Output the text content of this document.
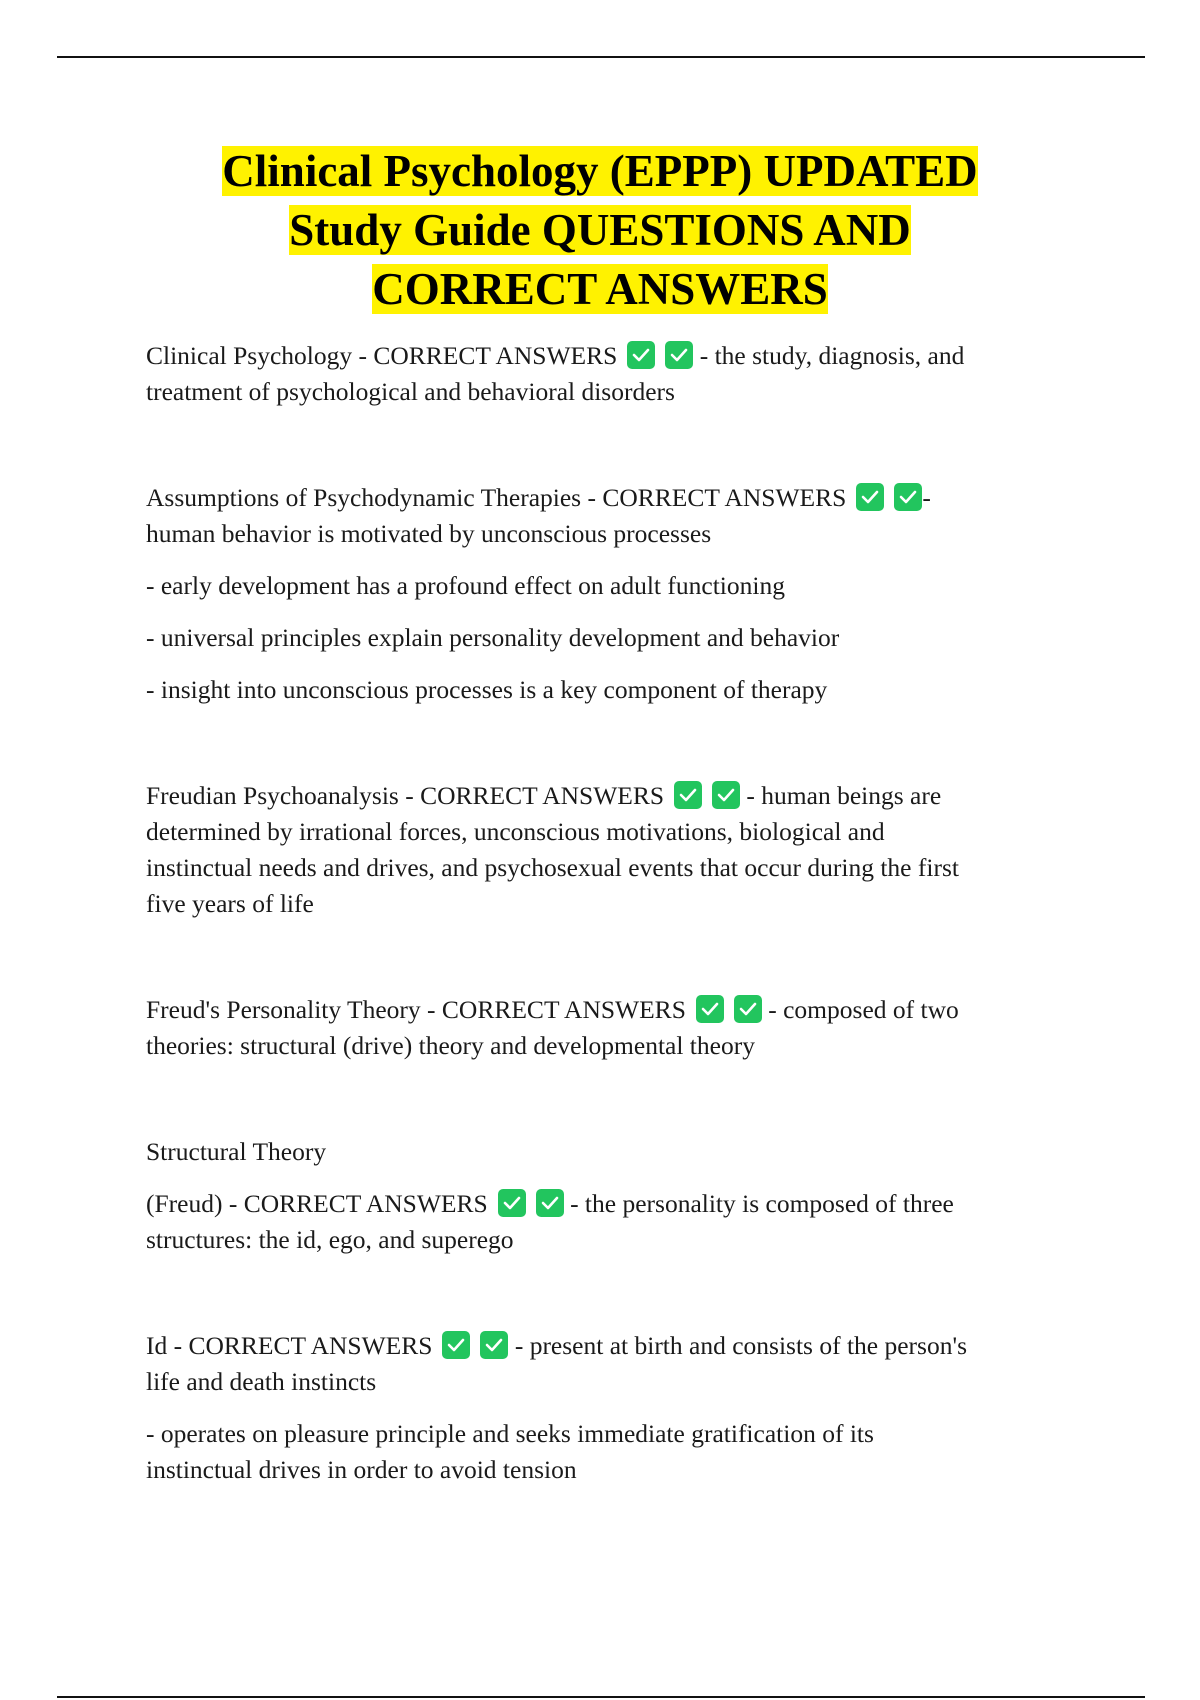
Clinical Psychology (EPPP) UPDATED
Study Guide QUESTIONS AND
CORRECT ANSWERS

Clinical Psychology - CORRECT ANSWERS	- the study, diagnosis, and

treatment of psychological and behavioral disorders

Assumptions of Psychodynamic Therapies - CORRECT ANSWERS	-

human behavior is motivated by unconscious processes

- early development has a profound effect on adult functioning

- universal principles explain personality development and behavior

- insight into unconscious processes is a key component of therapy

Freudian Psychoanalysis - CORRECT ANSWERS	- human beings are

determined by irrational forces, unconscious motivations, biological and

instinctual needs and drives, and psychosexual events that occur during the first

five years of life

Freud's Personality Theory - CORRECT ANSWERS	- composed of two

theories: structural (drive) theory and developmental theory

Structural Theory

(Freud) - CORRECT ANSWERS	- the personality is composed of three

structures: the id, ego, and superego

Id - CORRECT ANSWERS	- present at birth and consists of the person's

life and death instincts

- operates on pleasure principle and seeks immediate gratification of its

instinctual drives in order to avoid tension
